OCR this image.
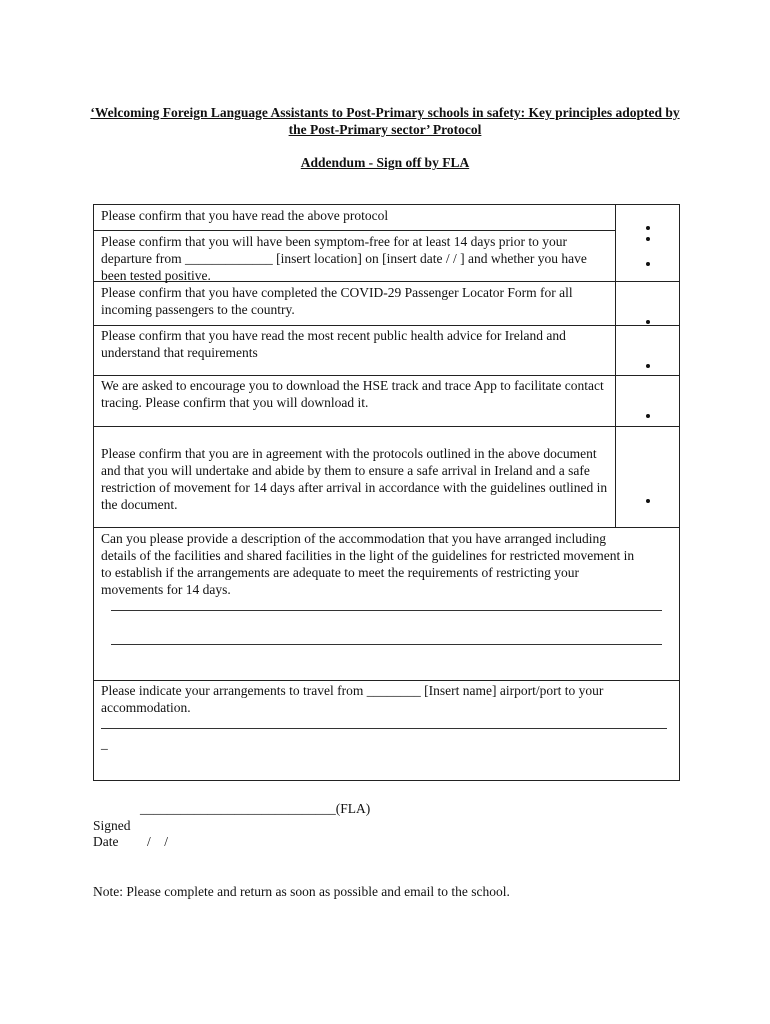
‘Welcoming Foreign Language Assistants to Post-Primary schools in safety: Key principles adopted by the Post-Primary sector’ Protocol
Addendum - Sign off by FLA
Please confirm that you have read the above protocol
Please confirm that you will have been symptom-free for at least 14 days prior to your departure from _____________ [insert location] on [insert date / / ] and whether you have been tested positive.
Please confirm that you have completed the COVID-29 Passenger Locator Form for all incoming passengers to the country.
Please confirm that you have read the most recent public health advice for Ireland and understand that requirements
We are asked to encourage you to download the HSE track and trace App to facilitate contact tracing. Please confirm that you will download it.
Please confirm that you are in agreement with the protocols outlined in the above document and that you will undertake and abide by them to ensure a safe arrival in Ireland and a safe restriction of movement for 14 days after arrival in accordance with the guidelines outlined in the document.
Can you please provide a description of the accommodation that you have arranged including details of the facilities and shared facilities in the light of the guidelines for restricted movement in to establish if the arrangements are adequate to meet the requirements of restricting your movements for 14 days.
Please indicate your arrangements to travel from ________ [Insert name] airport/port to your accommodation.
_
_____________________________(FLA)
Signed
Date /    /
Note: Please complete and return as soon as possible and email to the school.
